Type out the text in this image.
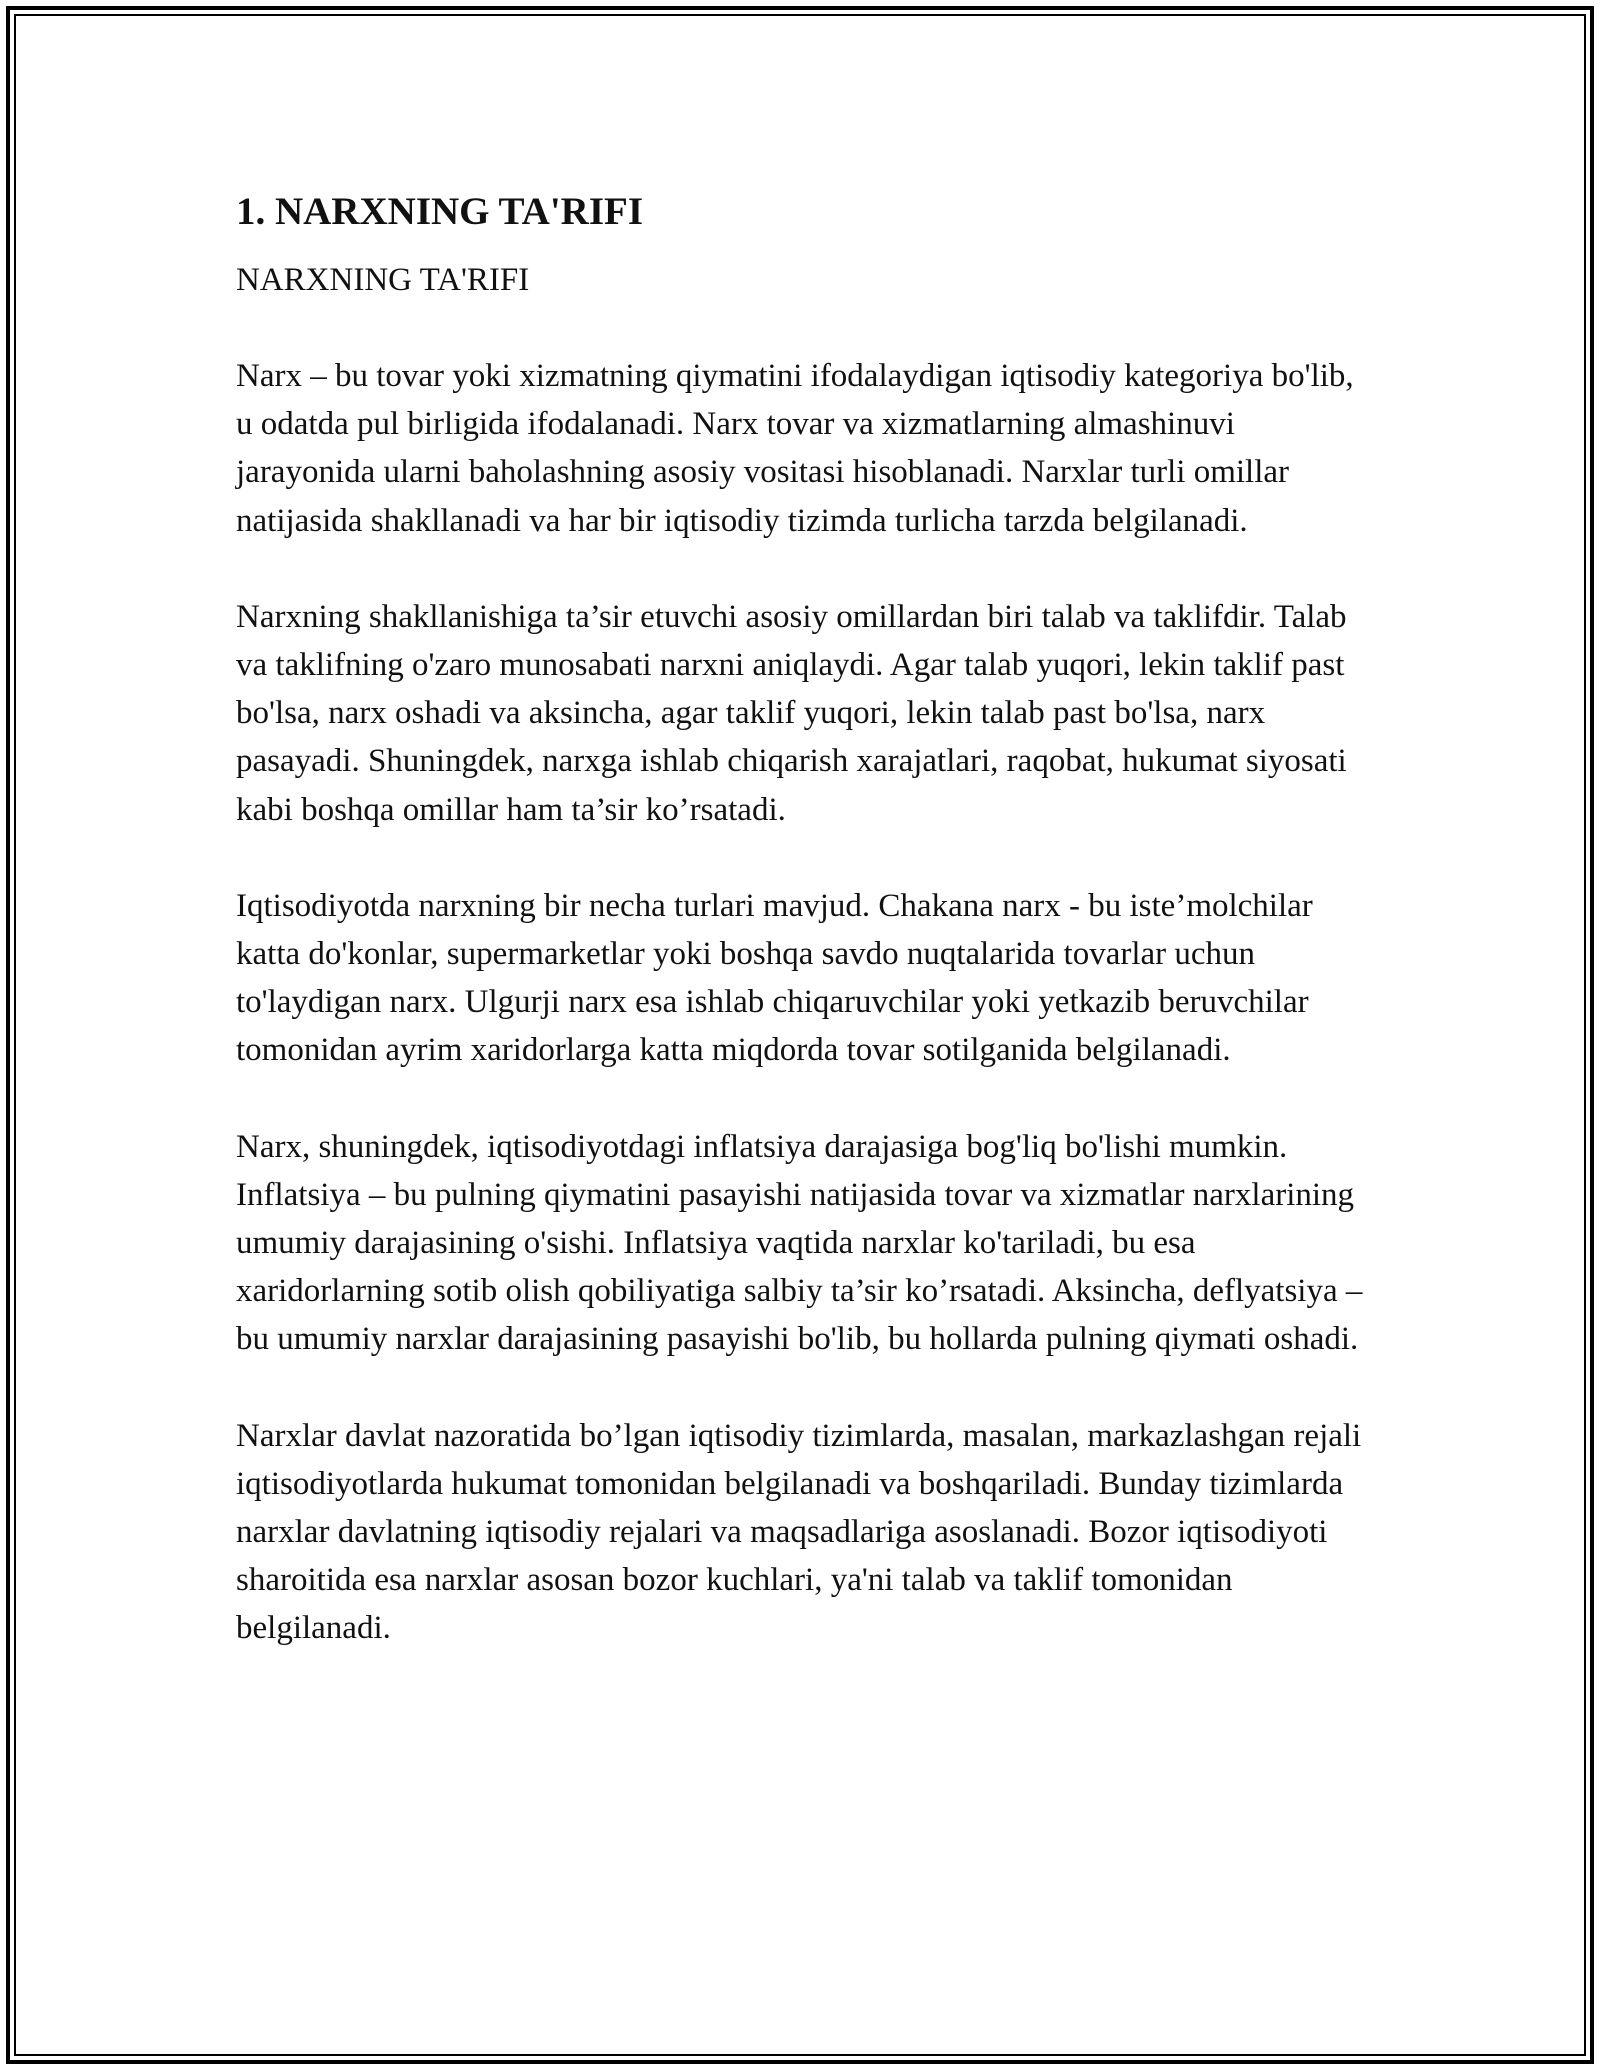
1. NARXNING TA'RIFI
NARXNING TA'RIFI

Narx – bu tovar yoki xizmatning qiymatini ifodalaydigan iqtisodiy kategoriya bo'lib, u odatda pul birligida ifodalanadi. Narx tovar va xizmatlarning almashinuvi jarayonida ularni baholashning asosiy vositasi hisoblanadi. Narxlar turli omillar natijasida shakllanadi va har bir iqtisodiy tizimda turlicha tarzda belgilanadi.

Narxning shakllanishiga ta’sir etuvchi asosiy omillardan biri talab va taklifdir. Talab va taklifning o'zaro munosabati narxni aniqlaydi. Agar talab yuqori, lekin taklif past bo'lsa, narx oshadi va aksincha, agar taklif yuqori, lekin talab past bo'lsa, narx pasayadi. Shuningdek, narxga ishlab chiqarish xarajatlari, raqobat, hukumat siyosati kabi boshqa omillar ham ta’sir ko’rsatadi.

Iqtisodiyotda narxning bir necha turlari mavjud. Chakana narx - bu iste’molchilar katta do'konlar, supermarketlar yoki boshqa savdo nuqtalarida tovarlar uchun to'laydigan narx. Ulgurji narx esa ishlab chiqaruvchilar yoki yetkazib beruvchilar tomonidan ayrim xaridorlarga katta miqdorda tovar sotilganida belgilanadi.

Narx, shuningdek, iqtisodiyotdagi inflatsiya darajasiga bog'liq bo'lishi mumkin. Inflatsiya – bu pulning qiymatini pasayishi natijasida tovar va xizmatlar narxlarining umumiy darajasining o'sishi. Inflatsiya vaqtida narxlar ko'tariladi, bu esa xaridorlarning sotib olish qobiliyatiga salbiy ta’sir ko’rsatadi. Aksincha, deflyatsiya – bu umumiy narxlar darajasining pasayishi bo'lib, bu hollarda pulning qiymati oshadi.

Narxlar davlat nazoratida bo’lgan iqtisodiy tizimlarda, masalan, markazlashgan rejali iqtisodiyotlarda hukumat tomonidan belgilanadi va boshqariladi. Bunday tizimlarda narxlar davlatning iqtisodiy rejalari va maqsadlariga asoslanadi. Bozor iqtisodiyoti sharoitida esa narxlar asosan bozor kuchlari, ya'ni talab va taklif tomonidan belgilanadi.
